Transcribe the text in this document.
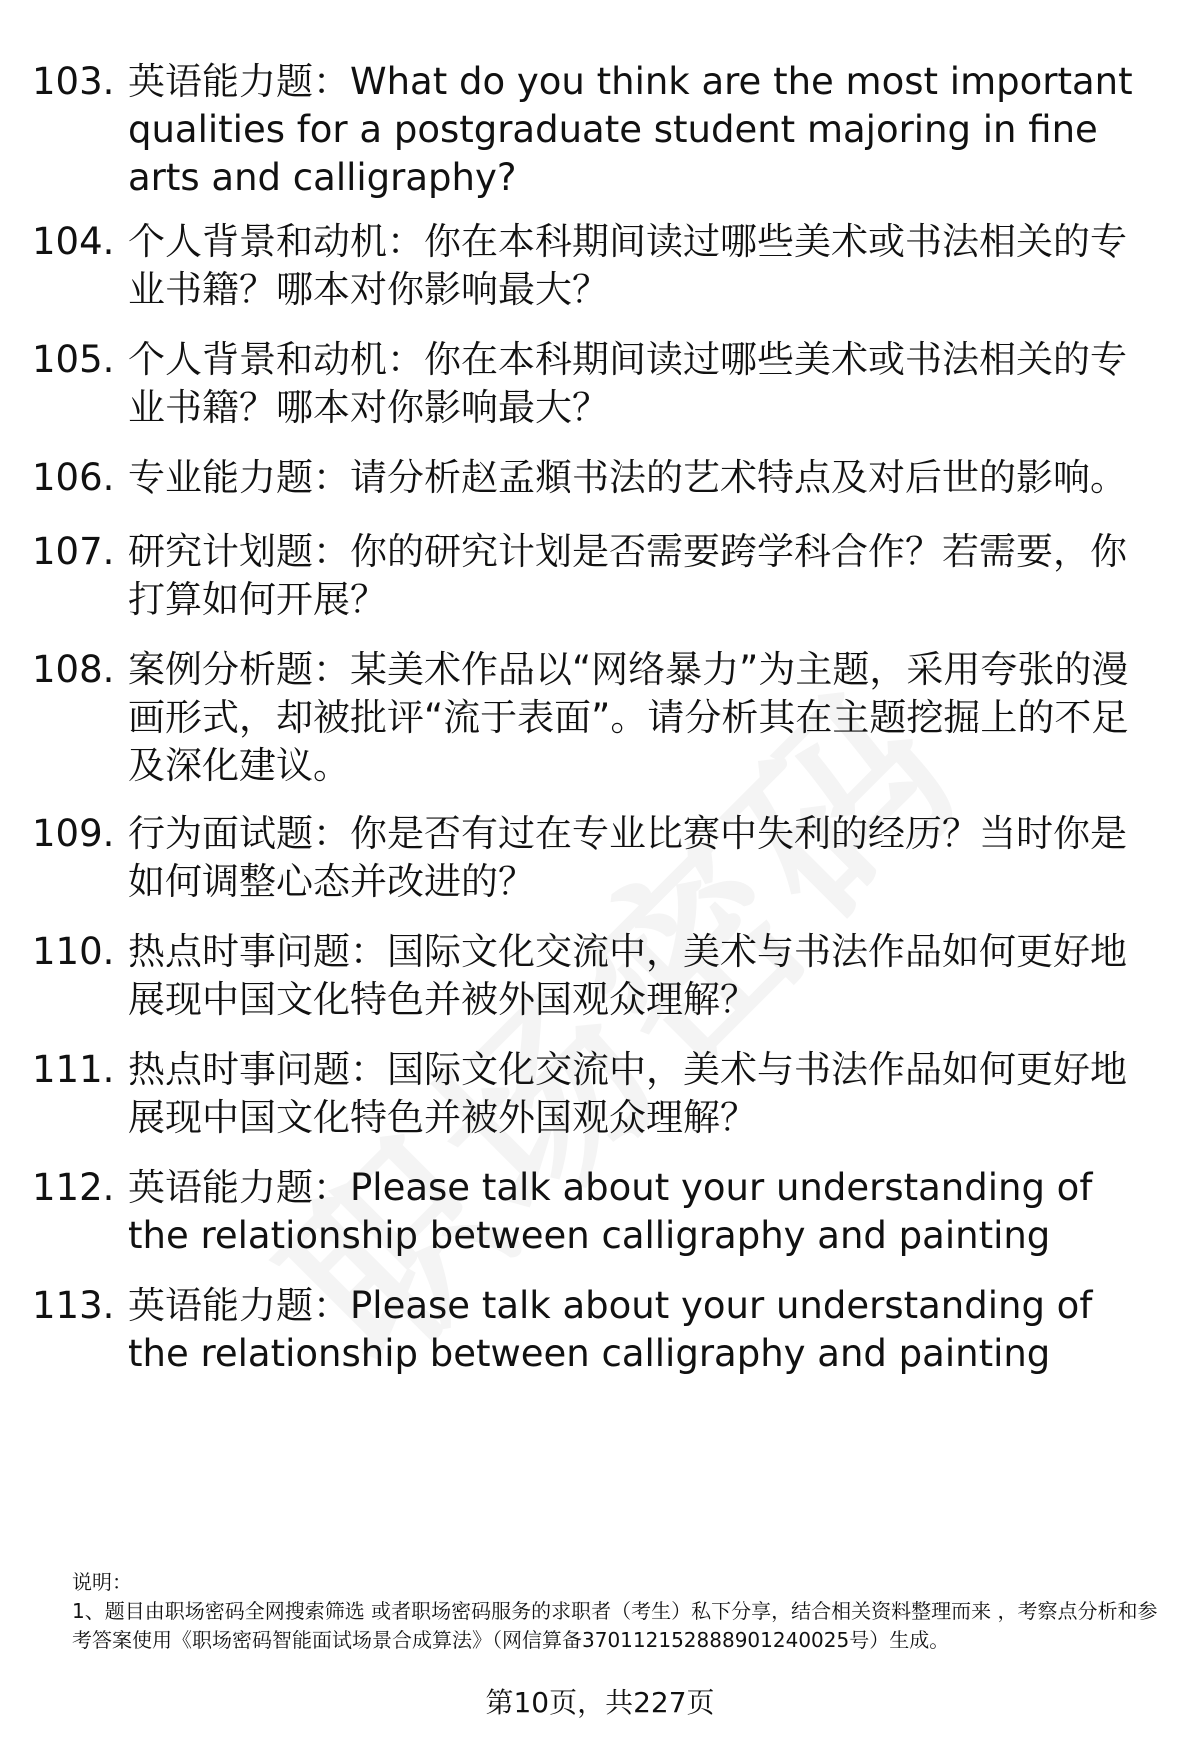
103. 英语能力题：What do you think are the most important qualities for a postgraduate student majoring in fine arts and calligraphy?
104. 个人背景和动机：你在本科期间读过哪些美术或书法相关的专业书籍？哪本对你影响最大？
105. 个人背景和动机：你在本科期间读过哪些美术或书法相关的专业书籍？哪本对你影响最大？
106. 专业能力题：请分析赵孟頫书法的艺术特点及对后世的影响。
107. 研究计划题：你的研究计划是否需要跨学科合作？若需要，你打算如何开展？
108. 案例分析题：某美术作品以“网络暴力”为主题，采用夸张的漫画形式，却被批评“流于表面”。请分析其在主题挖掘上的不足及深化建议。
109. 行为面试题：你是否有过在专业比赛中失利的经历？当时你是如何调整心态并改进的？
110. 热点时事问题：国际文化交流中，美术与书法作品如何更好地展现中国文化特色并被外国观众理解？
111. 热点时事问题：国际文化交流中，美术与书法作品如何更好地展现中国文化特色并被外国观众理解？
112. 英语能力题：Please talk about your understanding of the relationship between calligraphy and painting
113. 英语能力题：Please talk about your understanding of the relationship between calligraphy and painting
说明：
1、题目由职场密码全网搜索筛选 或者职场密码服务的求职者（考生）私下分享，结合相关资料整理而来 ，考察点分析和参考答案使用《职场密码智能面试场景合成算法》（网信算备370112152888901240025号）生成。
第10页，共227页
